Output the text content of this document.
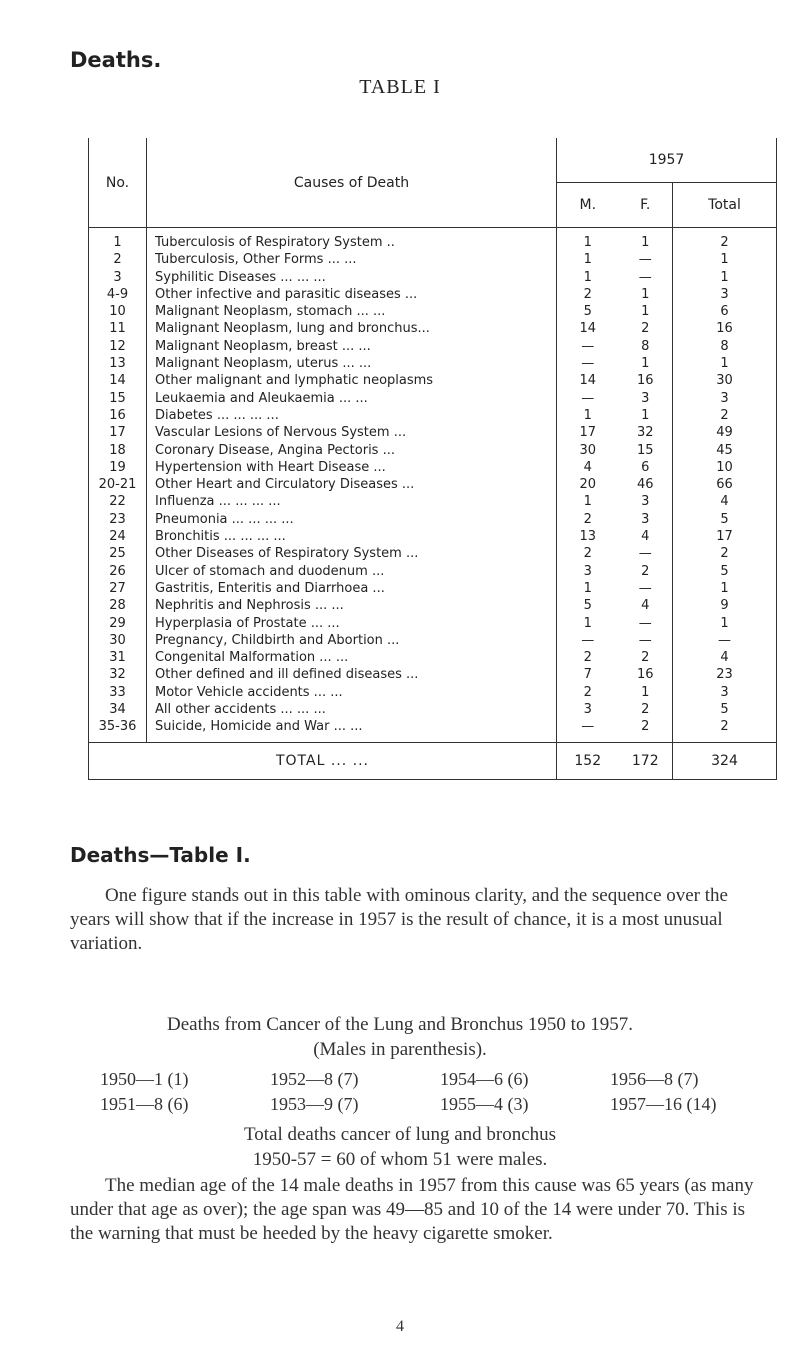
Deaths.
TABLE I
No.	Causes of Death	1957		
		M.	F.	Total
1	Tuberculosis of Respiratory System ..	1	1	2
2	Tuberculosis, Other Forms ... ...	1	—	1
3	Syphilitic Diseases ... ... ...	1	—	1
4-9	Other infective and parasitic diseases ...	2	1	3
10	Malignant Neoplasm, stomach ... ...	5	1	6
11	Malignant Neoplasm, lung and bronchus...	14	2	16
12	Malignant Neoplasm, breast ... ...	—	8	8
13	Malignant Neoplasm, uterus ... ...	—	1	1
14	Other malignant and lymphatic neoplasms	14	16	30
15	Leukaemia and Aleukaemia ... ...	—	3	3
16	Diabetes ... ... ... ...	1	1	2
17	Vascular Lesions of Nervous System ...	17	32	49
18	Coronary Disease, Angina Pectoris ...	30	15	45
19	Hypertension with Heart Disease ...	4	6	10
20-21	Other Heart and Circulatory Diseases ...	20	46	66
22	Influenza ... ... ... ...	1	3	4
23	Pneumonia ... ... ... ...	2	3	5
24	Bronchitis ... ... ... ...	13	4	17
25	Other Diseases of Respiratory System ...	2	—	2
26	Ulcer of stomach and duodenum ...	3	2	5
27	Gastritis, Enteritis and Diarrhoea ...	1	—	1
28	Nephritis and Nephrosis ... ...	5	4	9
29	Hyperplasia of Prostate ... ...	1	—	1
30	Pregnancy, Childbirth and Abortion ...	—	—	—
31	Congenital Malformation ... ...	2	2	4
32	Other defined and ill defined diseases ...	7	16	23
33	Motor Vehicle accidents ... ...	2	1	3
34	All other accidents ... ... ...	3	2	5
35-36	Suicide, Homicide and War ... ...	—	2	2

TOTAL ... ...		152	172	324
Deaths—Table I.
One figure stands out in this table with ominous clarity, and the sequence over the years will show that if the increase in 1957 is the result of chance, it is a most unusual variation.
Deaths from Cancer of the Lung and Bronchus 1950 to 1957.
(Males in parenthesis).
1950—1 (1)	1952—8 (7)	1954—6 (6)	1956—8 (7)
1951—8 (6)	1953—9 (7)	1955—4 (3)	1957—16 (14)
Total deaths cancer of lung and bronchus
1950-57 = 60 of whom 51 were males.
The median age of the 14 male deaths in 1957 from this cause was 65 years (as many under that age as over); the age span was 49—85 and 10 of the 14 were under 70. This is the warning that must be heeded by the heavy cigarette smoker.
4
